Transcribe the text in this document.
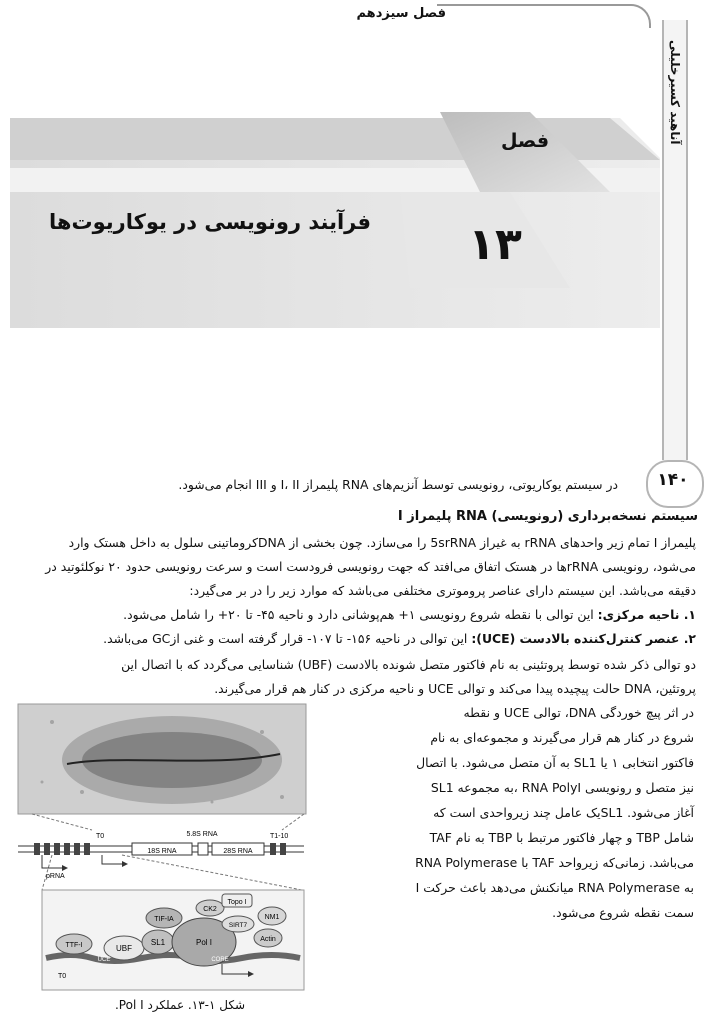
فصل سیزدهم
آناهید کسیرخلیلی
۱۴۰
فصل
۱۳
فرآیند رونویسی در یوکاریوت‌ها
در سیستم یوکاریوتی، رونویسی توسط آنزیم‌های RNA پلیمراز I، II و III انجام می‌شود.
سیستم نسخه‌برداری (رونویسی) RNA پلیمراز I
پلیمراز I تمام زیر واحدهای rRNA به غیراز 5srRNA را می‌سازد. چون بخشی از DNAکروماتینی سلول به داخل هستک وارد
می‌شود، رونویسی rRNAها در هستک اتفاق می‌افتد که جهت رونویسی فرودست است و سرعت رونویسی حدود ۲۰ نوکلئوتید در
دقیقه می‌باشد. این سیستم دارای عناصر پروموتری مختلفی می‌باشد که موارد زیر را در بر می‌گیرد:
۱. ناحیه مرکزی: این توالی با نقطه شروع رونویسی ۱+ هم‌پوشانی دارد و ناحیه ۴۵- تا ۲۰+ را شامل می‌شود.
۲. عنصر کنترل‌کننده بالادست (UCE): این توالی در ناحیه ۱۵۶- تا ۱۰۷- قرار گرفته است و غنی ازGC می‌باشد.
دو توالی ذکر شده توسط پروتئینی به نام فاکتور متصل شونده بالادست (UBF) شناسایی می‌گردد که با اتصال این
پروتئین، DNA حالت پیچیده پیدا می‌کند و توالی UCE و ناحیه مرکزی در کنار هم قرار می‌گیرند.
در اثر پیچ خوردگی DNA، توالی UCE و نقطه
شروع در کنار هم قرار می‌گیرند و مجموعه‌ای به نام
فاکتور انتخابی ۱ یا SL1 به آن متصل می‌شود. با اتصال
SL1 به مجموعه، RNA PolyI نیز متصل و رونویسی
آغاز می‌شود. SL1یک عامل چند زیرواحدی است که
شامل TBP و چهار فاکتور مرتبط با TBP به نام TAF
می‌باشد. زمانی‌که زیرواحد TAF با RNA Polymerase
I میانکنش می‌دهد باعث حرکت RNA Polymerase به
سمت نقطه شروع می‌شود.
18S RNA	28S RNA
5.8S RNA
T0	T1-10
pRNA
TTF-I	UBF
SL1	Pol I
TIF-IA
CK2
Topo I
SIRT7
NM1
Actin
UCE	CORE
T0
شکل ۱-۱۳. عملکرد Pol I.
